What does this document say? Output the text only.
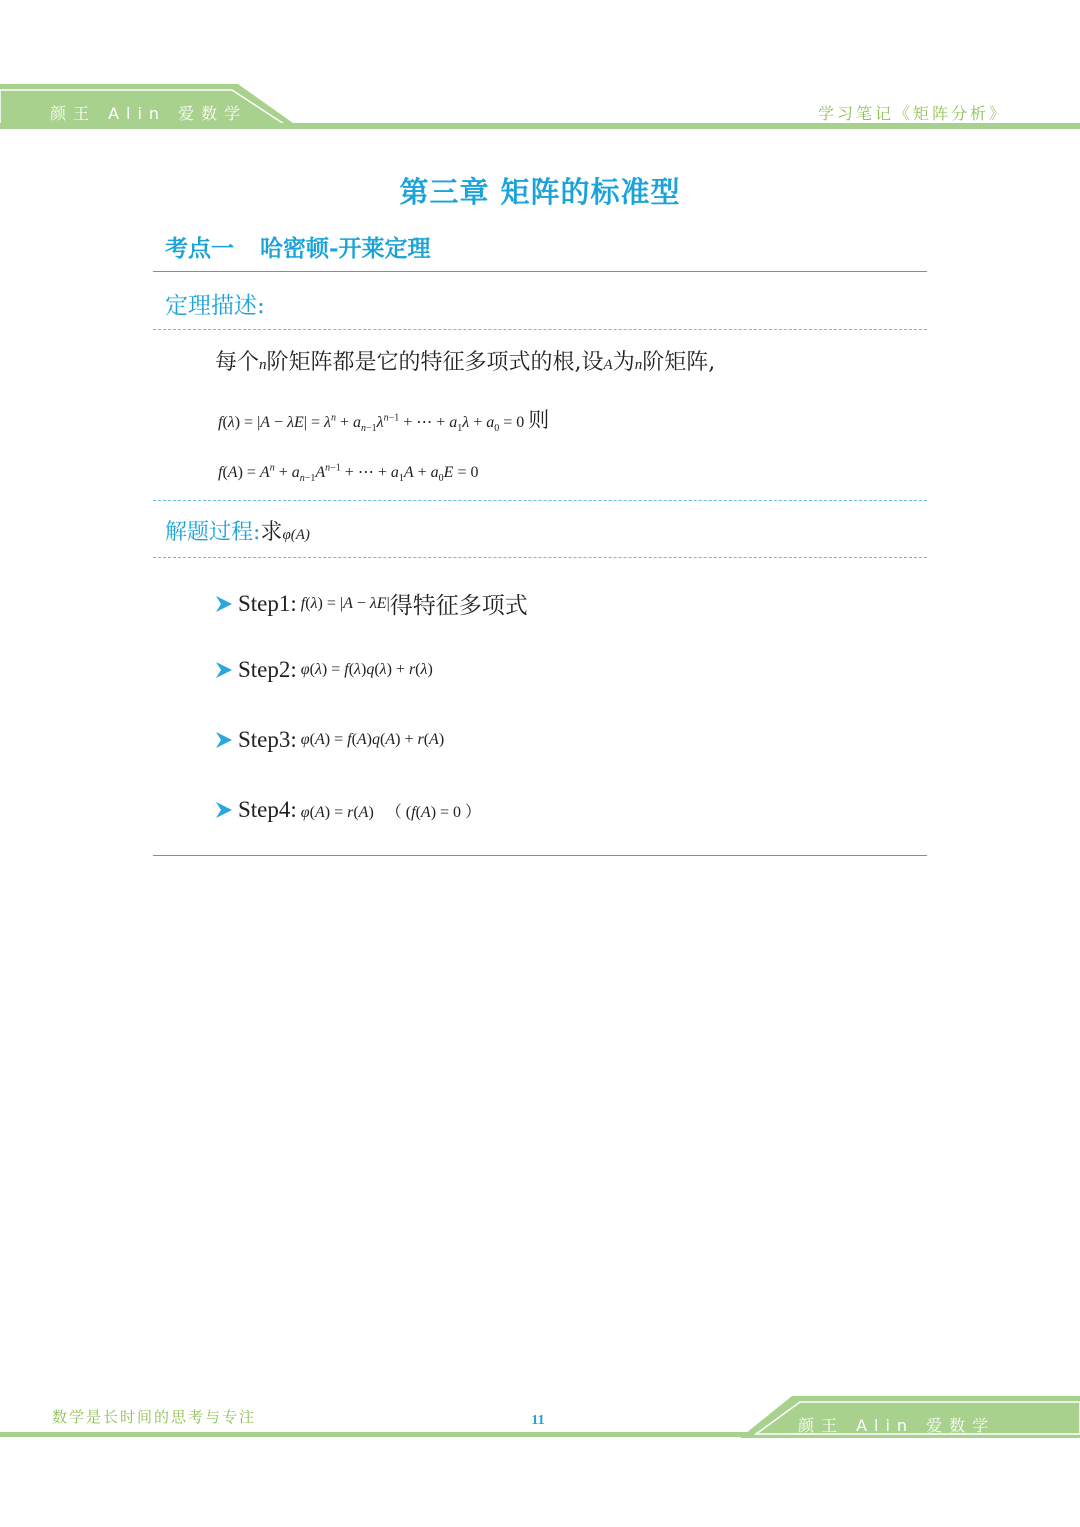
颜王 Alin 爱数学	学习笔记《矩阵分析》
第三章 矩阵的标准型
考点一 哈密顿-开莱定理
定理描述:
每个n阶矩阵都是它的特征多项式的根,设A为n阶矩阵,
$f(\lambda) = |A - \lambda E| = \lambda^n + a_{n-1}\lambda^{n-1}$ + ⋯ + $a_1\lambda + a_0 = 0$ 则
$f(A) = A^n + a_{n-1}A^{n-1}$ + ⋯ + $a_1A + a_0E = 0$
解题过程:求φ(A)
Step1: f(λ) = |A − λE|得特征多项式
Step2: φ(λ) = f(λ)q(λ) + r(λ)
Step3: φ(A) = f(A)q(A) + r(A)
Step4: φ(A) = r(A)   （ (f(A) = 0 ）
数学是长时间的思考与专注	11	颜王 Alin 爱数学
